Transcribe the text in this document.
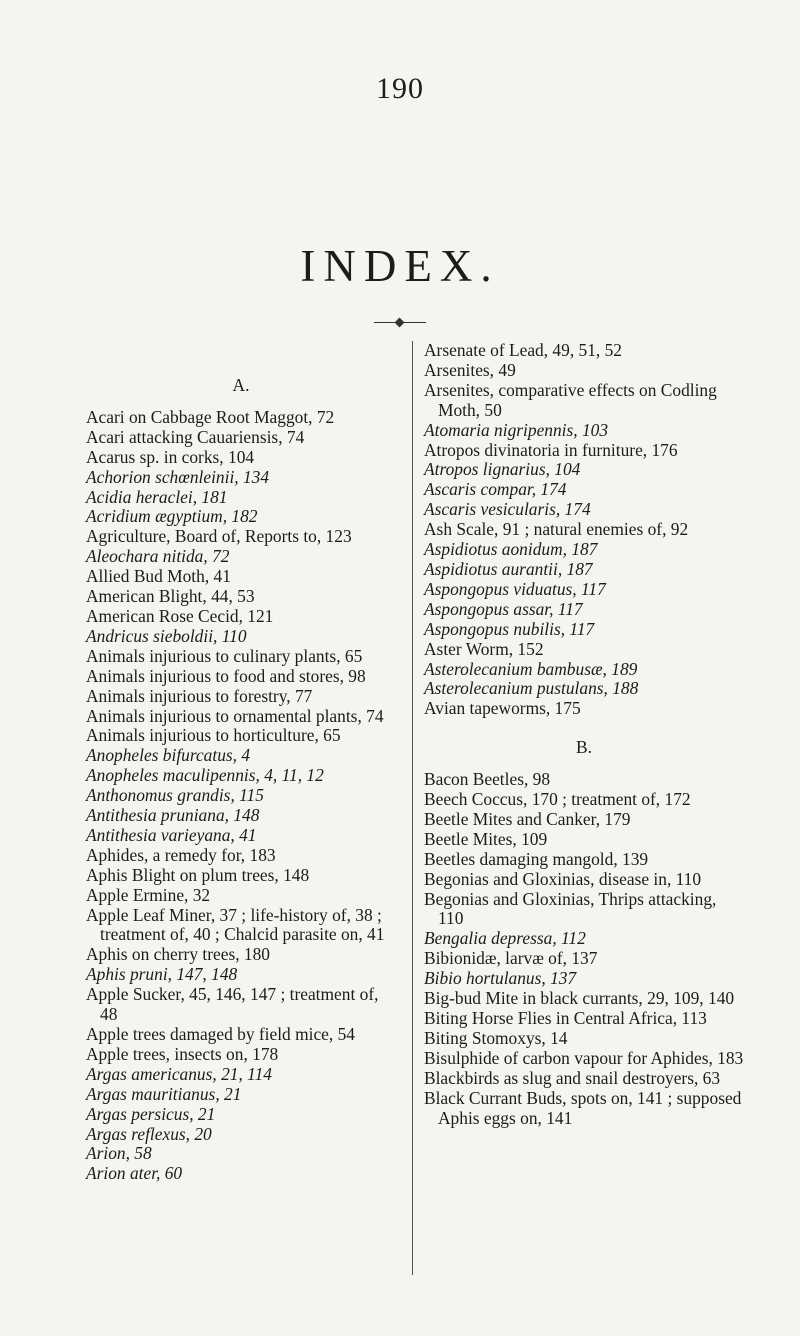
190
INDEX.
A.
Acari on Cabbage Root Maggot, 72
Acari attacking Cauariensis, 74
Acarus sp. in corks, 104
Achorion schœnleinii, 134
Acidia heraclei, 181
Acridium ægyptium, 182
Agriculture, Board of, Reports to, 123
Aleochara nitida, 72
Allied Bud Moth, 41
American Blight, 44, 53
American Rose Cecid, 121
Andricus sieboldii, 110
Animals injurious to culinary plants, 65
Animals injurious to food and stores, 98
Animals injurious to forestry, 77
Animals injurious to ornamental plants, 74
Animals injurious to horticulture, 65
Anopheles bifurcatus, 4
Anopheles maculipennis, 4, 11, 12
Anthonomus grandis, 115
Antithesia pruniana, 148
Antithesia varieyana, 41
Aphides, a remedy for, 183
Aphis Blight on plum trees, 148
Apple Ermine, 32
Apple Leaf Miner, 37 ; life-history of, 38 ; treatment of, 40 ; Chalcid parasite on, 41
Aphis on cherry trees, 180
Aphis pruni, 147, 148
Apple Sucker, 45, 146, 147 ; treatment of, 48
Apple trees damaged by field mice, 54
Apple trees, insects on, 178
Argas americanus, 21, 114
Argas mauritianus, 21
Argas persicus, 21
Argas reflexus, 20
Arion, 58
Arion ater, 60
Arsenate of Lead, 49, 51, 52
Arsenites, 49
Arsenites, comparative effects on Codling Moth, 50
Atomaria nigripennis, 103
Atropos divinatoria in furniture, 176
Atropos lignarius, 104
Ascaris compar, 174
Ascaris vesicularis, 174
Ash Scale, 91 ; natural enemies of, 92
Aspidiotus aonidum, 187
Aspidiotus aurantii, 187
Aspongopus viduatus, 117
Aspongopus assar, 117
Aspongopus nubilis, 117
Aster Worm, 152
Asterolecanium bambusæ, 189
Asterolecanium pustulans, 188
Avian tapeworms, 175
B.
Bacon Beetles, 98
Beech Coccus, 170 ; treatment of, 172
Beetle Mites and Canker, 179
Beetle Mites, 109
Beetles damaging mangold, 139
Begonias and Gloxinias, disease in, 110
Begonias and Gloxinias, Thrips attacking, 110
Bengalia depressa, 112
Bibionidæ, larvæ of, 137
Bibio hortulanus, 137
Big-bud Mite in black currants, 29, 109, 140
Biting Horse Flies in Central Africa, 113
Biting Stomoxys, 14
Bisulphide of carbon vapour for Aphides, 183
Blackbirds as slug and snail destroyers, 63
Black Currant Buds, spots on, 141 ; supposed Aphis eggs on, 141
